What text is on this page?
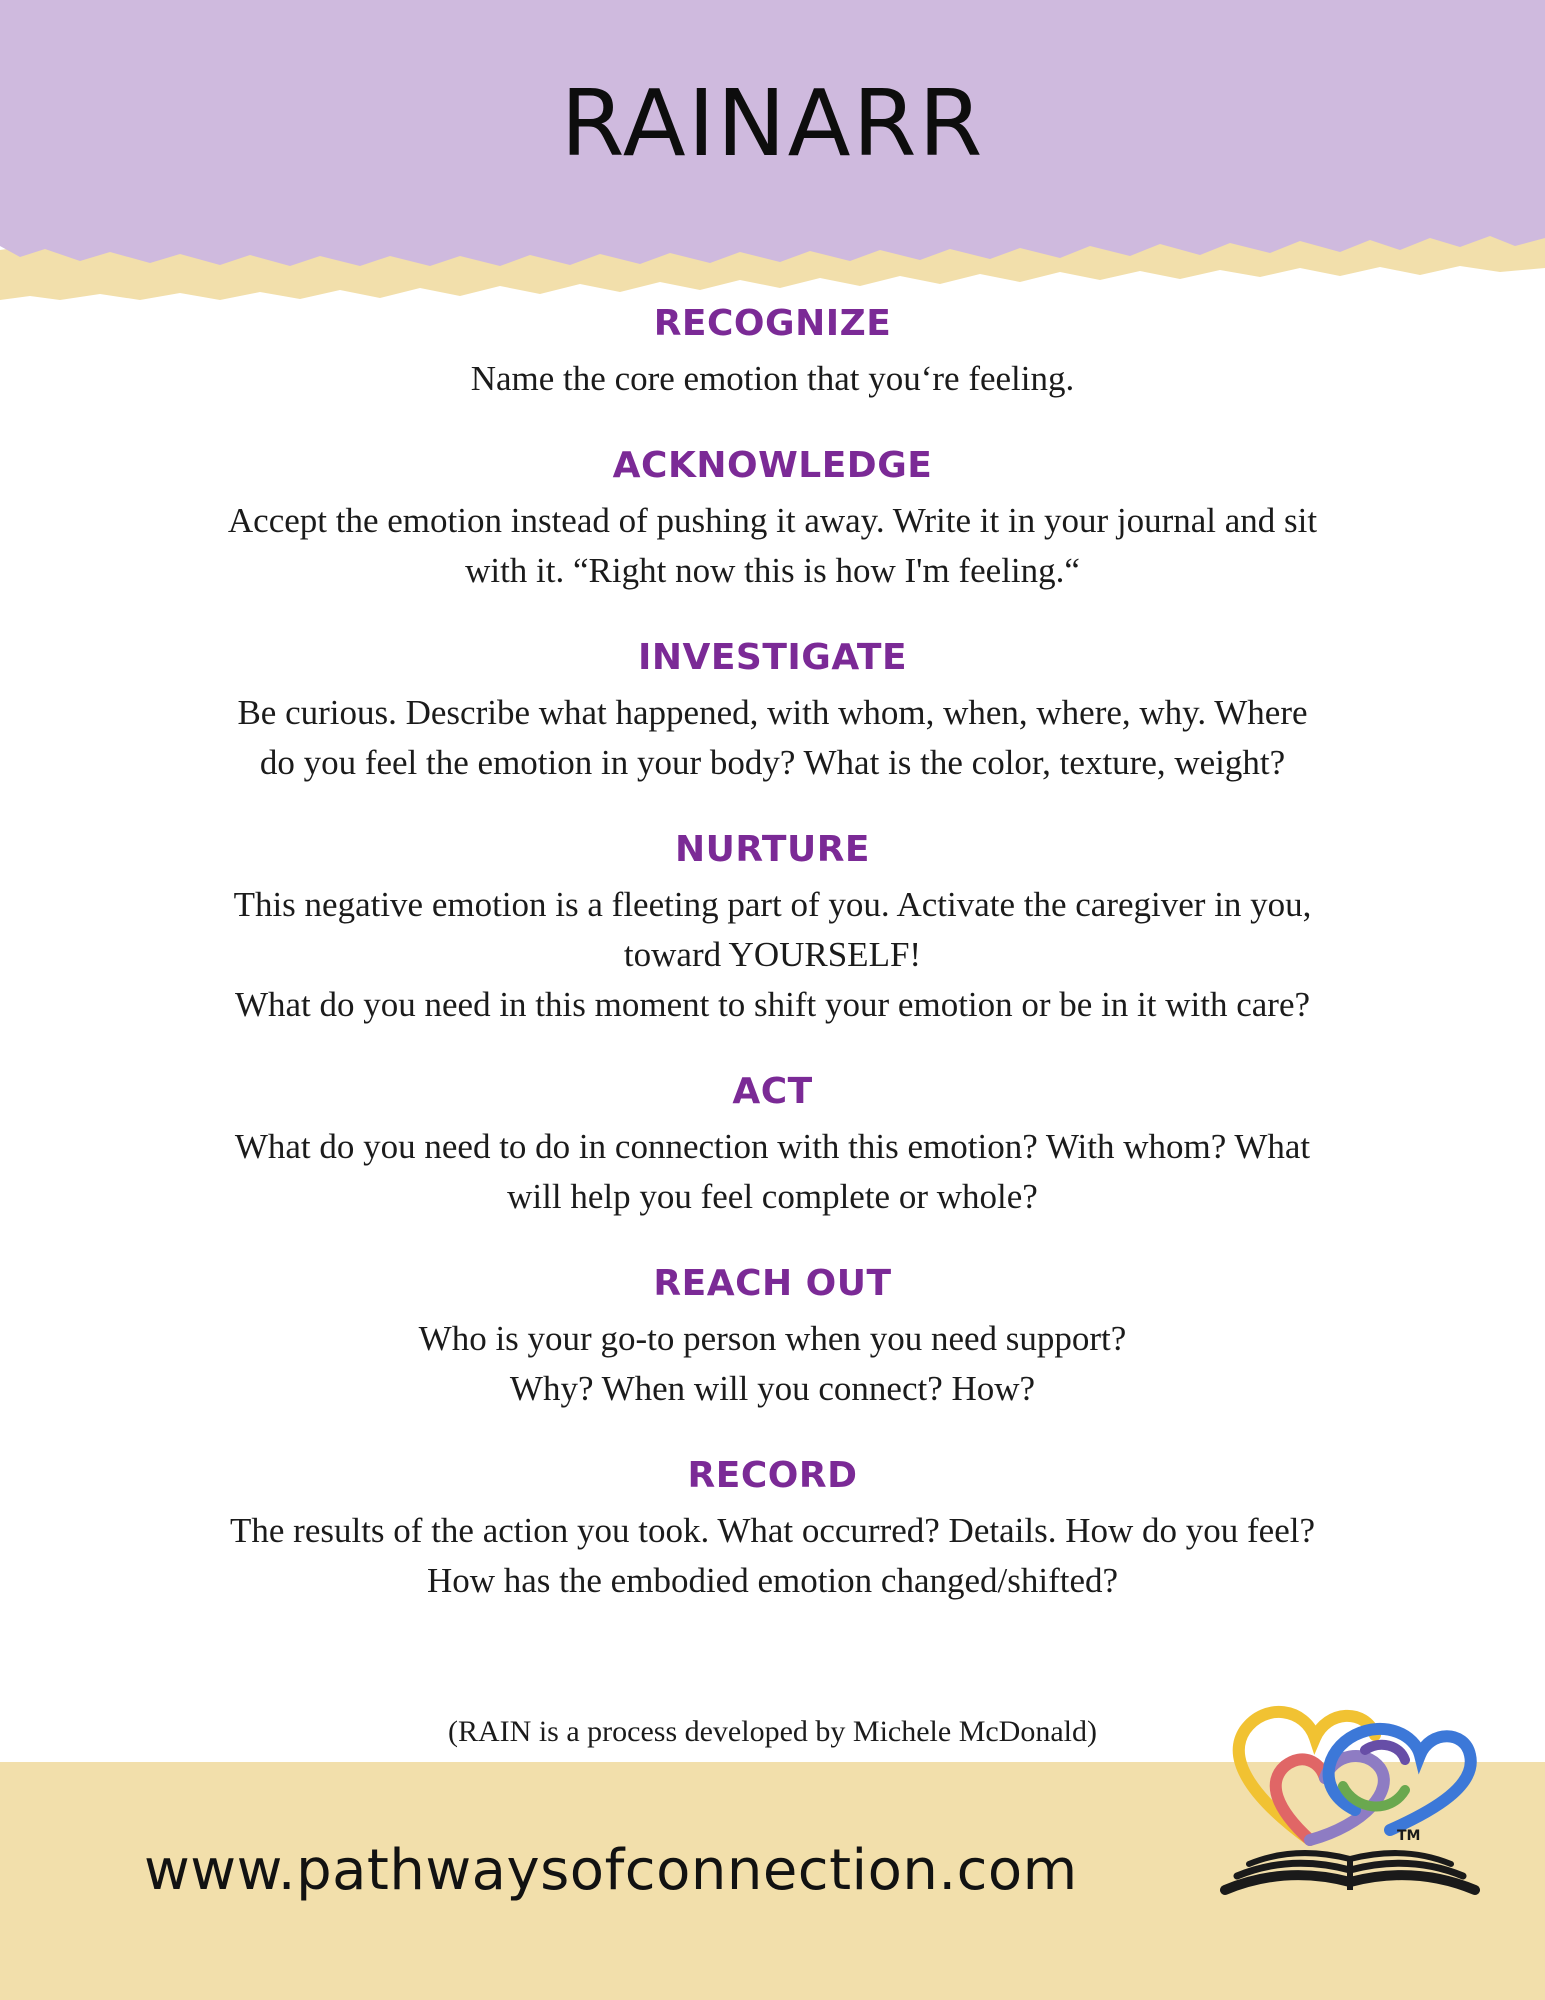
RAINARR
RECOGNIZE

Name the core emotion that you‘re feeling.

ACKNOWLEDGE

Accept the emotion instead of pushing it away. Write it in your journal and sit
with it. “Right now this is how I'm feeling.“

INVESTIGATE

Be curious. Describe what happened, with whom, when, where, why. Where
do you feel the emotion in your body? What is the color, texture, weight?

NURTURE

This negative emotion is a fleeting part of you. Activate the caregiver in you,
toward YOURSELF!
What do you need in this moment to shift your emotion or be in it with care?

ACT

What do you need to do in connection with this emotion? With whom? What
will help you feel complete or whole?

REACH OUT

Who is your go-to person when you need support?
Why? When will you connect? How?

RECORD

The results of the action you took. What occurred? Details. How do you feel?
How has the embodied emotion changed/shifted?

(RAIN is a process developed by Michele McDonald)

www.pathwaysofconnection.com
TM
